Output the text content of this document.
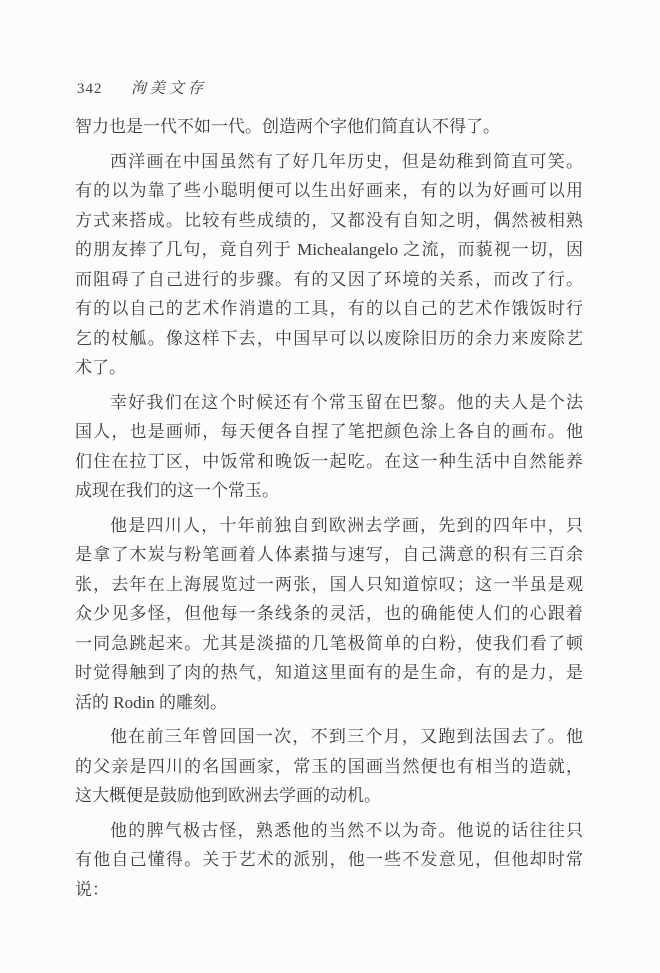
342 洵美文存
智力也是一代不如一代。创造两个字他们简直认不得了。
西洋画在中国虽然有了好几年历史，但是幼稚到简直可笑。
有的以为靠了些小聪明便可以生出好画来，有的以为好画可以用
方式来搭成。比较有些成绩的，又都没有自知之明，偶然被相熟
的朋友捧了几句，竟自列于 Michealangelo 之流，而藐视一切，因
而阻碍了自己进行的步骤。有的又因了环境的关系，而改了行。
有的以自己的艺术作消遣的工具，有的以自己的艺术作饿饭时行
乞的杖觚。像这样下去，中国早可以以废除旧历的余力来废除艺
术了。
幸好我们在这个时候还有个常玉留在巴黎。他的夫人是个法
国人，也是画师，每天便各自捏了笔把颜色涂上各自的画布。他
们住在拉丁区，中饭常和晚饭一起吃。在这一种生活中自然能养
成现在我们的这一个常玉。
他是四川人，十年前独自到欧洲去学画，先到的四年中，只
是拿了木炭与粉笔画着人体素描与速写，自己满意的积有三百余
张，去年在上海展览过一两张，国人只知道惊叹；这一半虽是观
众少见多怪，但他每一条线条的灵活，也的确能使人们的心跟着
一同急跳起来。尤其是淡描的几笔极简单的白粉，使我们看了顿
时觉得触到了肉的热气，知道这里面有的是生命，有的是力，是
活的 Rodin 的雕刻。
他在前三年曾回国一次，不到三个月，又跑到法国去了。他
的父亲是四川的名国画家，常玉的国画当然便也有相当的造就，
这大概便是鼓励他到欧洲去学画的动机。
他的脾气极古怪，熟悉他的当然不以为奇。他说的话往往只
有他自己懂得。关于艺术的派别，他一些不发意见，但他却时常
说：
